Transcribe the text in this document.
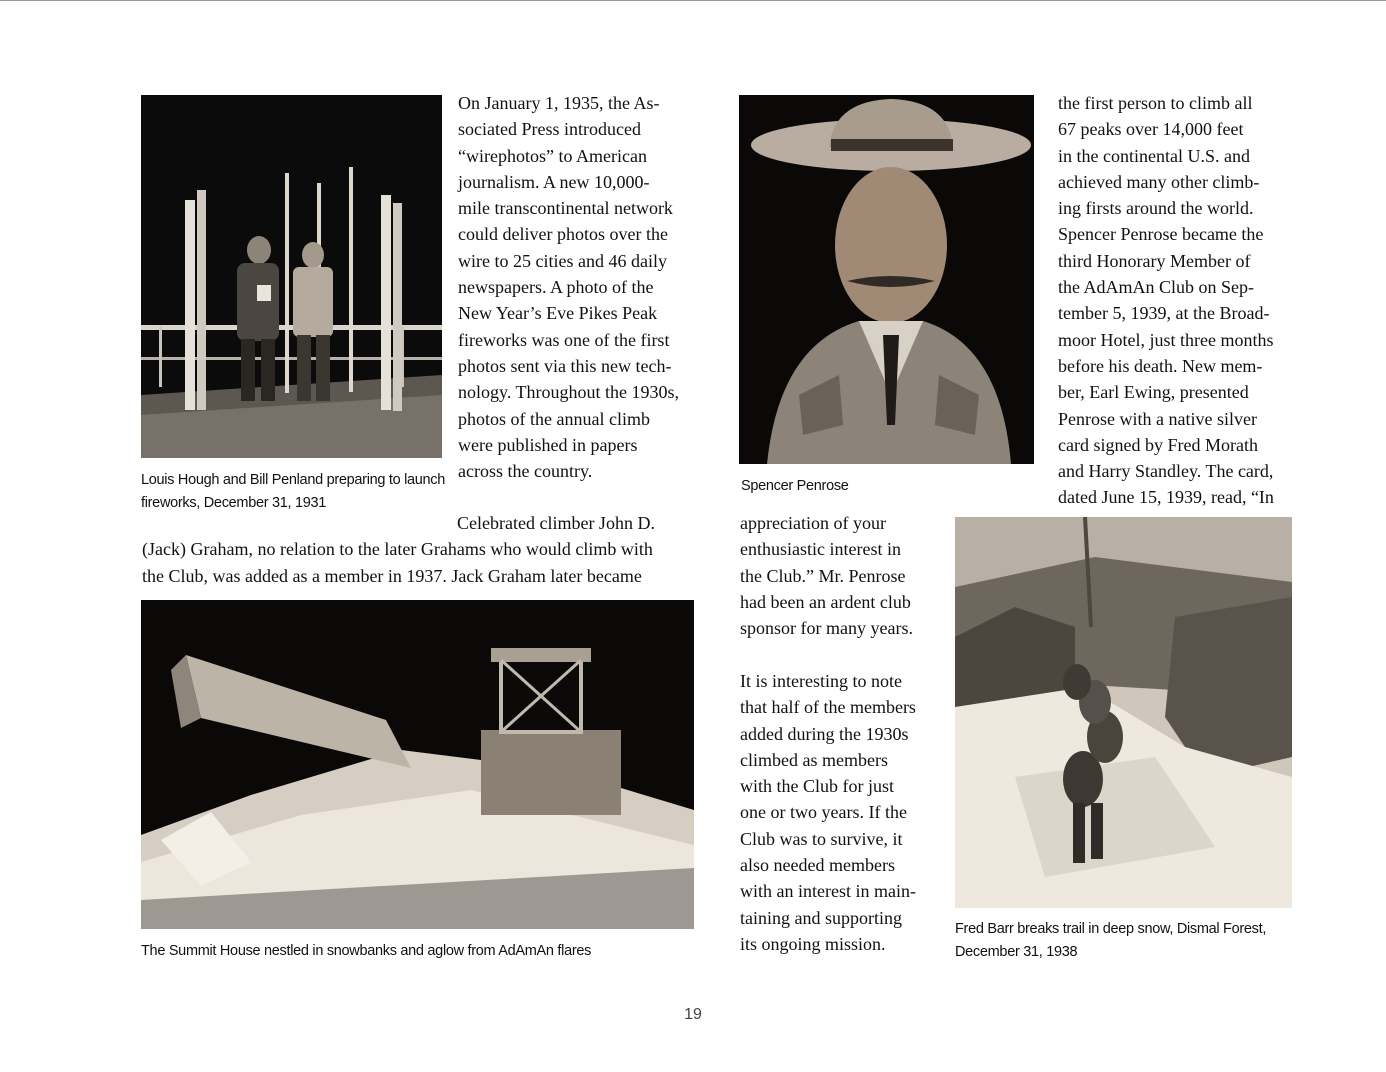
On January 1, 1935, the As-
sociated Press introduced
“wirephotos” to American
journalism. A new 10,000-
mile transcontinental network
could deliver photos over the
wire to 25 cities and 46 daily
newspapers. A photo of the
New Year’s Eve Pikes Peak
fireworks was one of the first
photos sent via this new tech-
nology. Throughout the 1930s,
photos of the annual climb
were published in papers
across the country.
Louis Hough and Bill Penland preparing to launch
fireworks, December 31, 1931
Celebrated climber John D.
(Jack) Graham, no relation to the later Grahams who would climb with
the Club, was added as a member in 1937. Jack Graham later became
Spencer Penrose
the first person to climb all
67 peaks over 14,000 feet
in the continental U.S. and
achieved many other climb-
ing firsts around the world.
Spencer Penrose became the
third Honorary Member of
the AdAmAn Club on Sep-
tember 5, 1939, at the Broad-
moor Hotel, just three months
before his death. New mem-
ber, Earl Ewing, presented
Penrose with a native silver
card signed by Fred Morath
and Harry Standley. The card,
dated June 15, 1939, read, “In
appreciation of your
enthusiastic interest in
the Club.” Mr. Penrose
had been an ardent club
sponsor for many years.
It is interesting to note
that half of the members
added during the 1930s
climbed as members
with the Club for just
one or two years. If the
Club was to survive, it
also needed members
with an interest in main-
taining and supporting
its ongoing mission.
The Summit House nestled in snowbanks and aglow from AdAmAn flares
Fred Barr breaks trail in deep snow, Dismal Forest,
December 31, 1938
19
